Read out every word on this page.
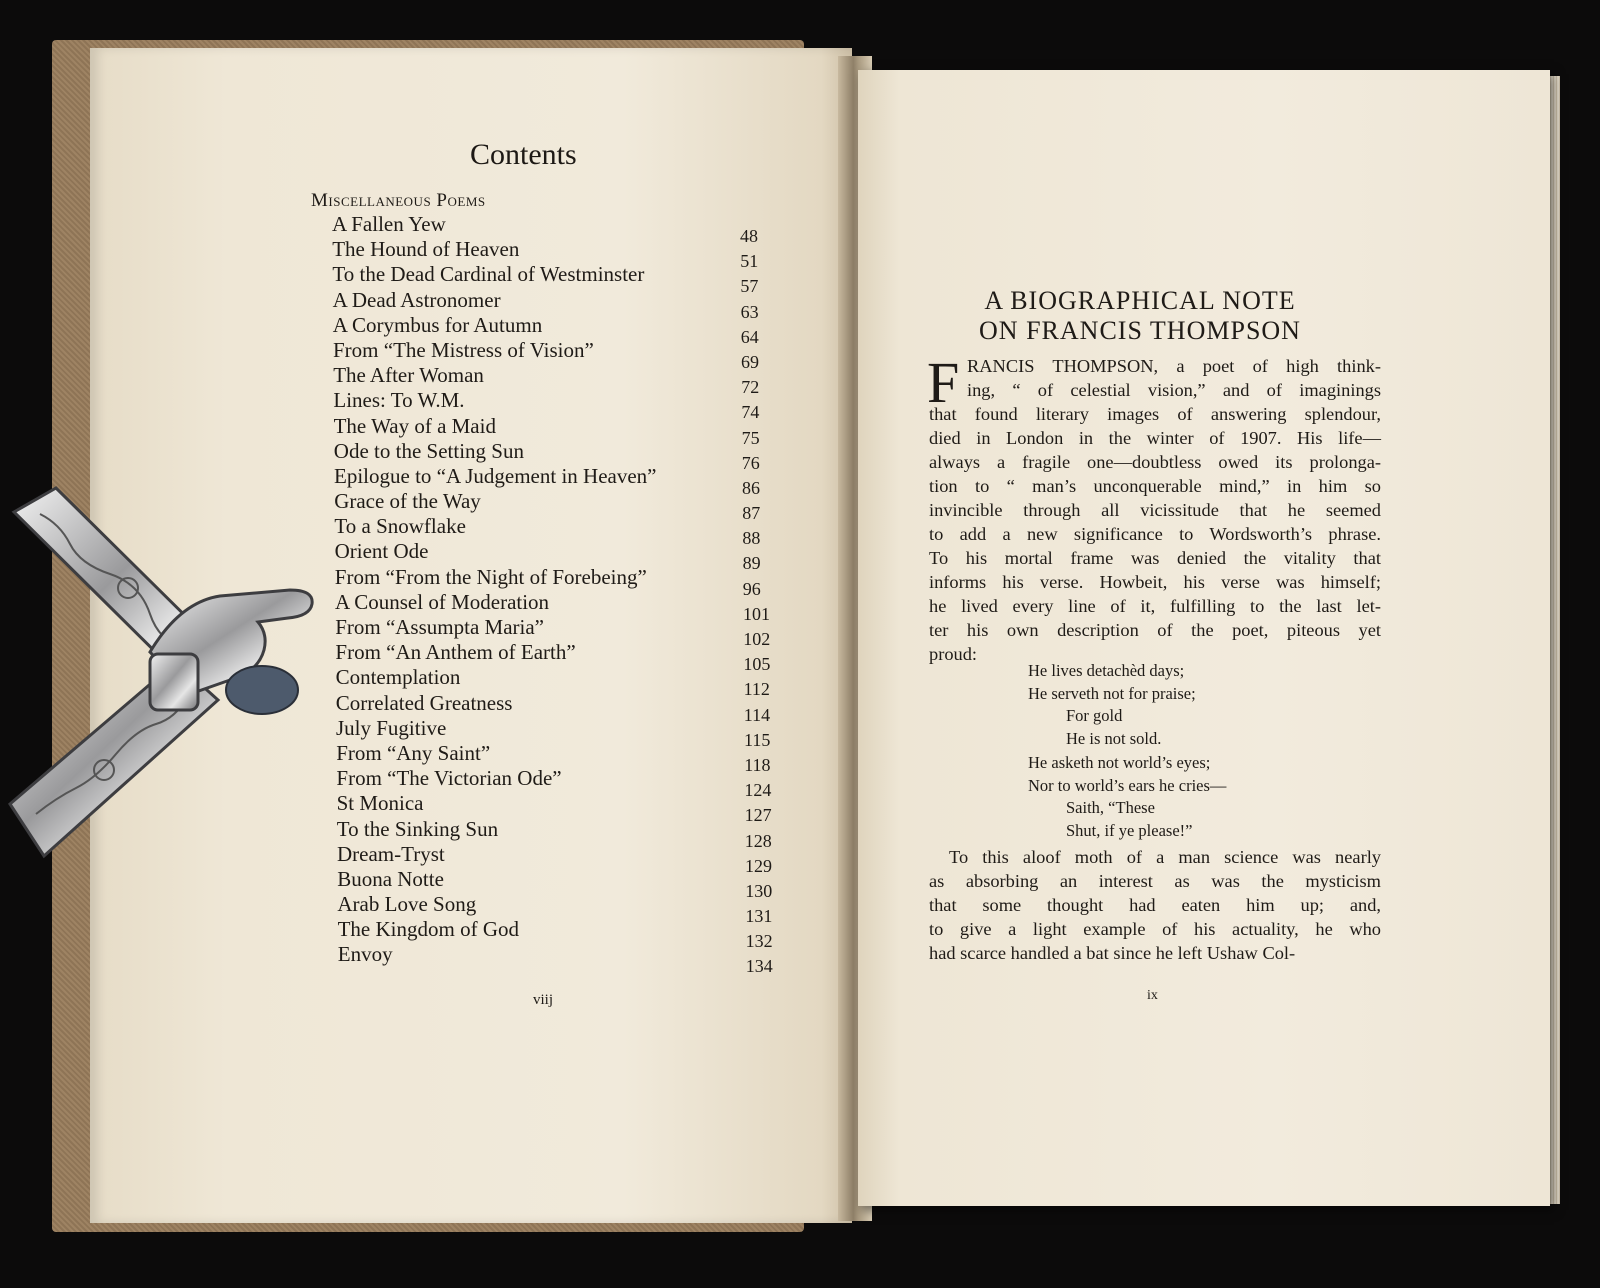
Contents
Miscellaneous Poems
A Fallen Yew	48
The Hound of Heaven	51
To the Dead Cardinal of Westminster	57
A Dead Astronomer	63
A Corymbus for Autumn	64
From “The Mistress of Vision”	69
The After Woman	72
Lines: To W.M.	74
The Way of a Maid	75
Ode to the Setting Sun	76
Epilogue to “A Judgement in Heaven”	86
Grace of the Way	87
To a Snowflake	88
Orient Ode	89
From “From the Night of Forebeing”	96
A Counsel of Moderation	101
From “Assumpta Maria”	102
From “An Anthem of Earth”	105
Contemplation	112
Correlated Greatness	114
July Fugitive	115
From “Any Saint”	118
From “The Victorian Ode”	124
St Monica	127
To the Sinking Sun	128
Dream-Tryst	129
Buona Notte	130
Arab Love Song	131
The Kingdom of God	132
Envoy	134
viij
A BIOGRAPHICAL NOTE
ON FRANCIS THOMPSON
F RANCIS THOMPSON, a poet of high think-
ing, “ of celestial vision,” and of imaginings
that found literary images of answering splendour,
died in London in the winter of 1907. His life—
always a fragile one—doubtless owed its prolonga-
tion to “ man’s unconquerable mind,” in him so
invincible through all vicissitude that he seemed
to add a new significance to Wordsworth’s phrase.
To his mortal frame was denied the vitality that
informs his verse. Howbeit, his verse was himself;
he lived every line of it, fulfilling to the last let-
ter his own description of the poet, piteous yet
proud:
He lives detachèd days;
He serveth not for praise;
For gold
He is not sold.
He asketh not world’s eyes;
Nor to world’s ears he cries—
Saith, “These
Shut, if ye please!”
To this aloof moth of a man science was nearly
as absorbing an interest as was the mysticism
that some thought had eaten him up; and,
to give a light example of his actuality, he who
had scarce handled a bat since he left Ushaw Col-
ix
